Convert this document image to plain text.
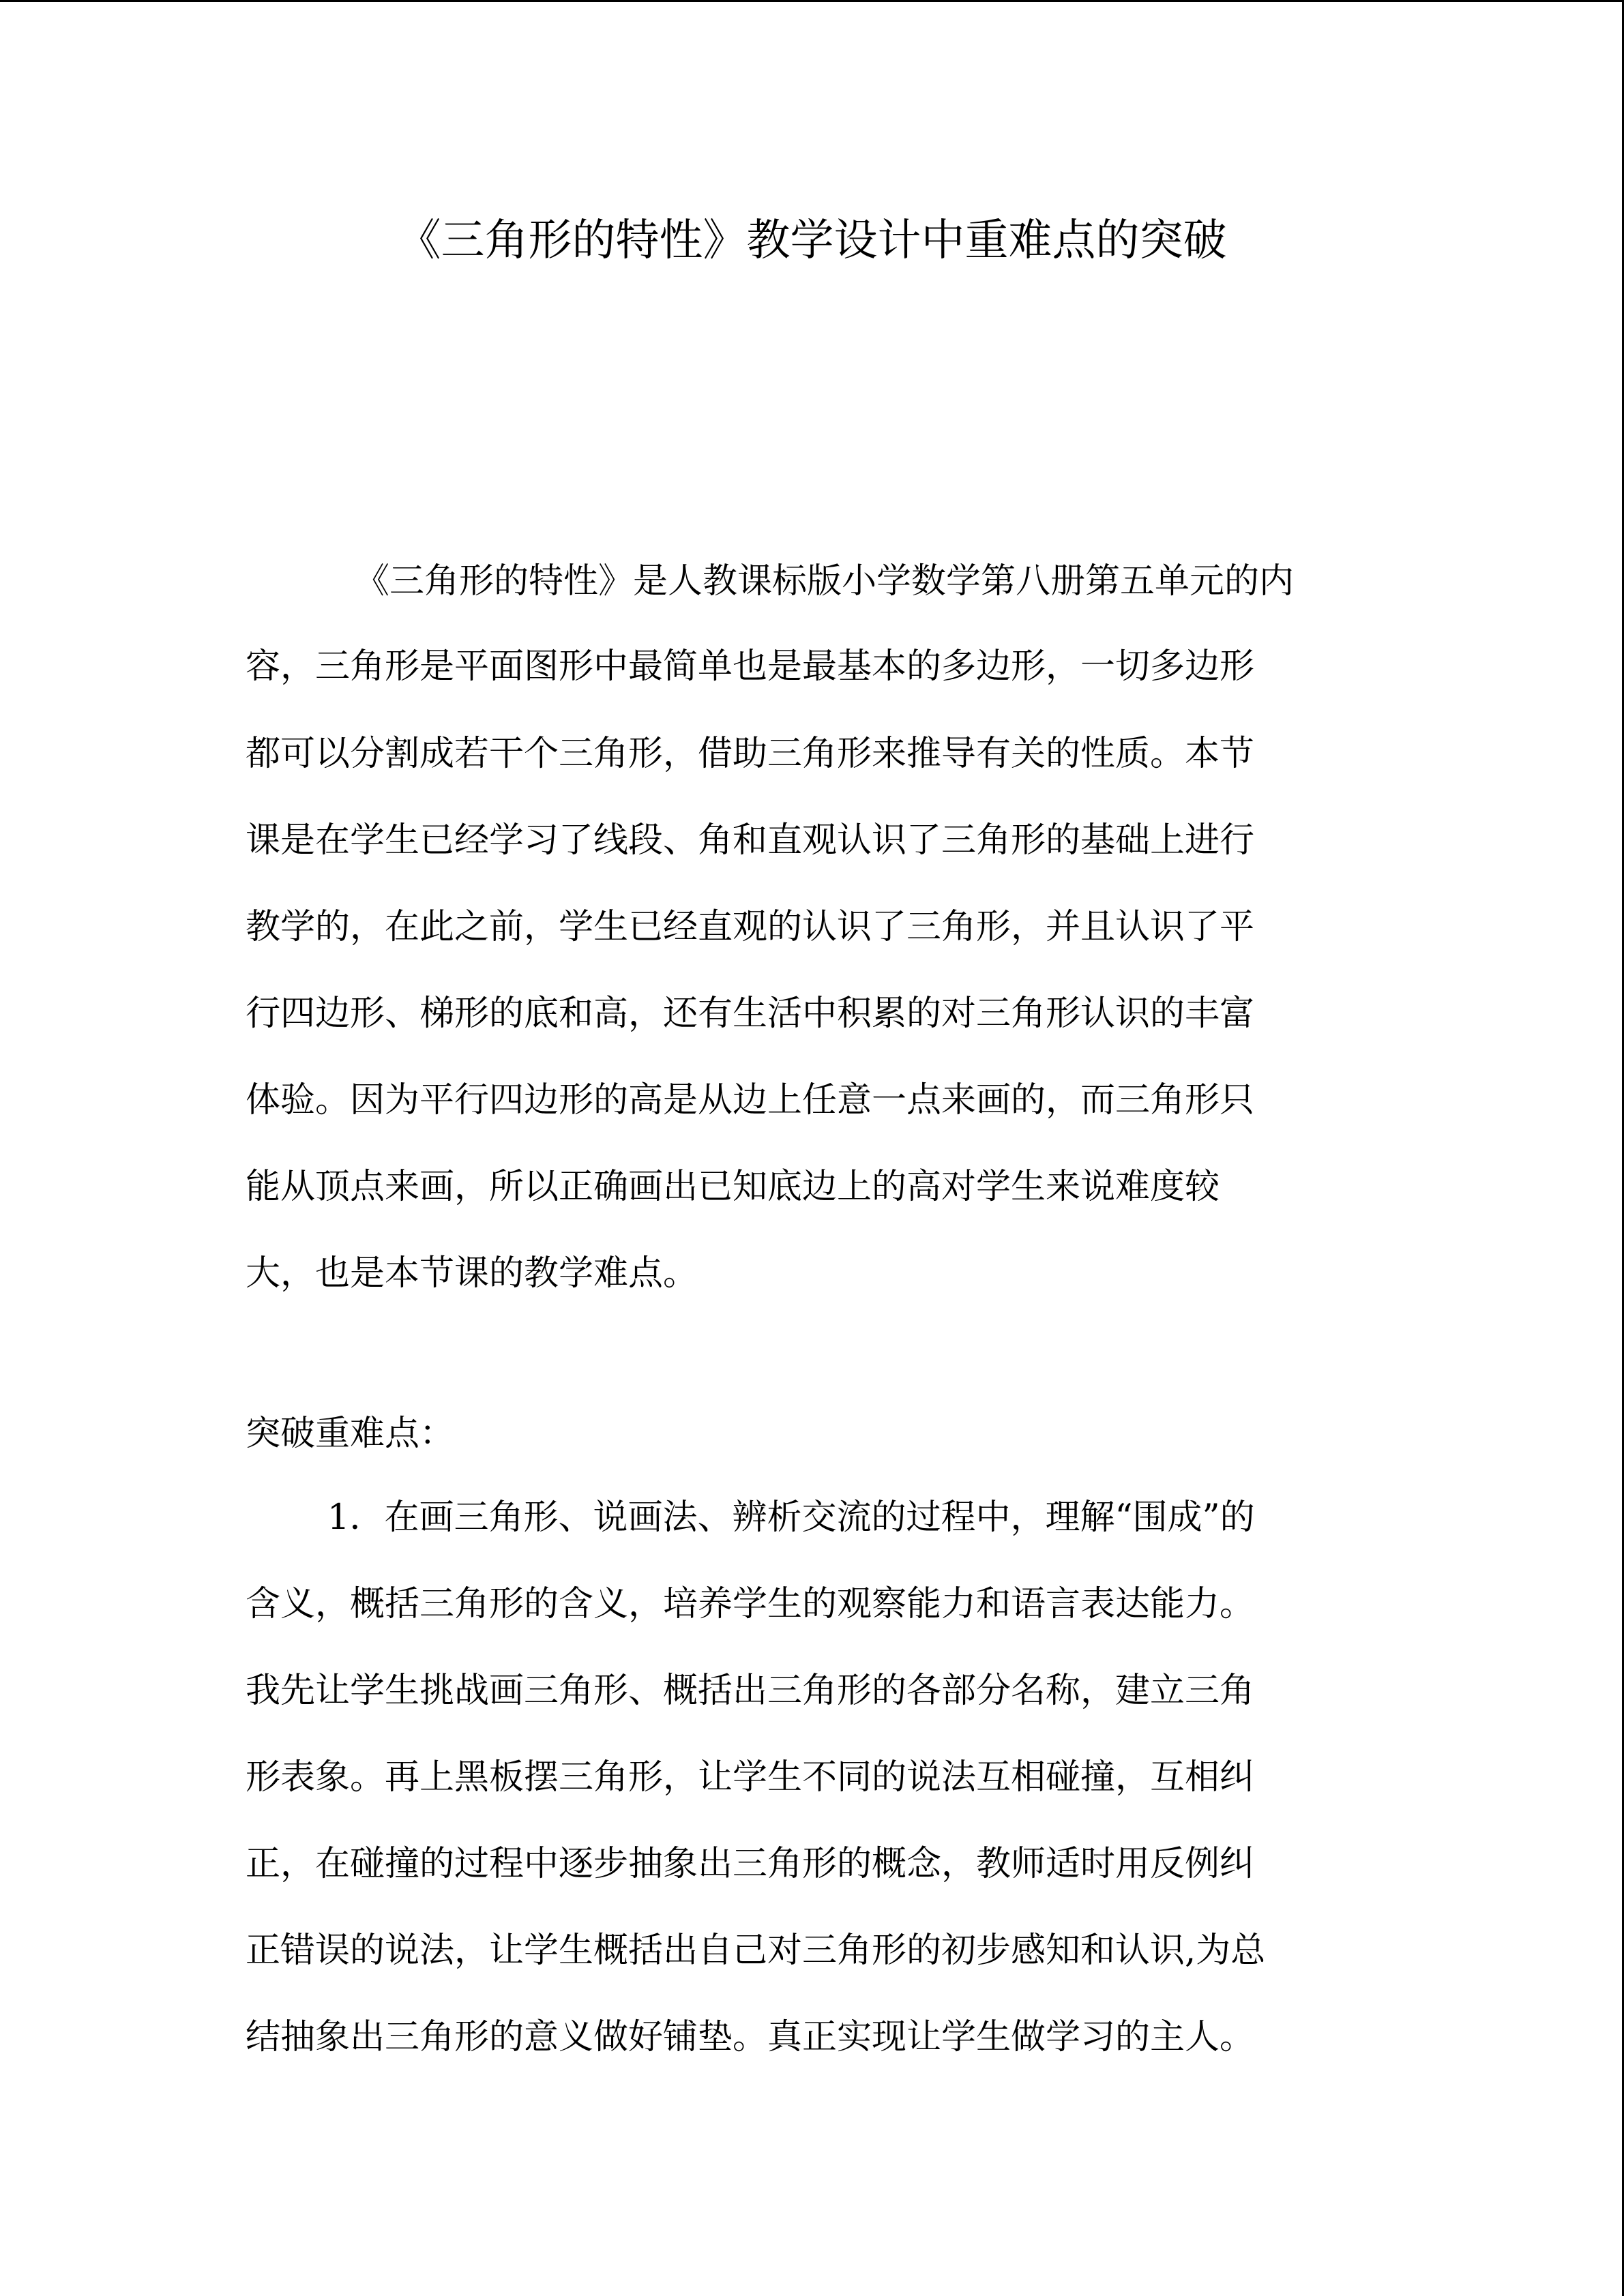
《三角形的特性》教学设计中重难点的突破
《三角形的特性》是人教课标版小学数学第八册第五单元的内
容，三角形是平面图形中最简单也是最基本的多边形，一切多边形
都可以分割成若干个三角形，借助三角形来推导有关的性质。本节
课是在学生已经学习了线段、角和直观认识了三角形的基础上进行
教学的，在此之前，学生已经直观的认识了三角形，并且认识了平
行四边形、梯形的底和高，还有生活中积累的对三角形认识的丰富
体验。因为平行四边形的高是从边上任意一点来画的，而三角形只
能从顶点来画，所以正确画出已知底边上的高对学生来说难度较
大，也是本节课的教学难点。
突破重难点：
1．在画三角形、说画法、辨析交流的过程中，理解“围成”的
含义，概括三角形的含义，培养学生的观察能力和语言表达能力。
我先让学生挑战画三角形、概括出三角形的各部分名称，建立三角
形表象。再上黑板摆三角形，让学生不同的说法互相碰撞，互相纠
正，在碰撞的过程中逐步抽象出三角形的概念，教师适时用反例纠
正错误的说法，让学生概括出自己对三角形的初步感知和认识,为总
结抽象出三角形的意义做好铺垫。真正实现让学生做学习的主人。
